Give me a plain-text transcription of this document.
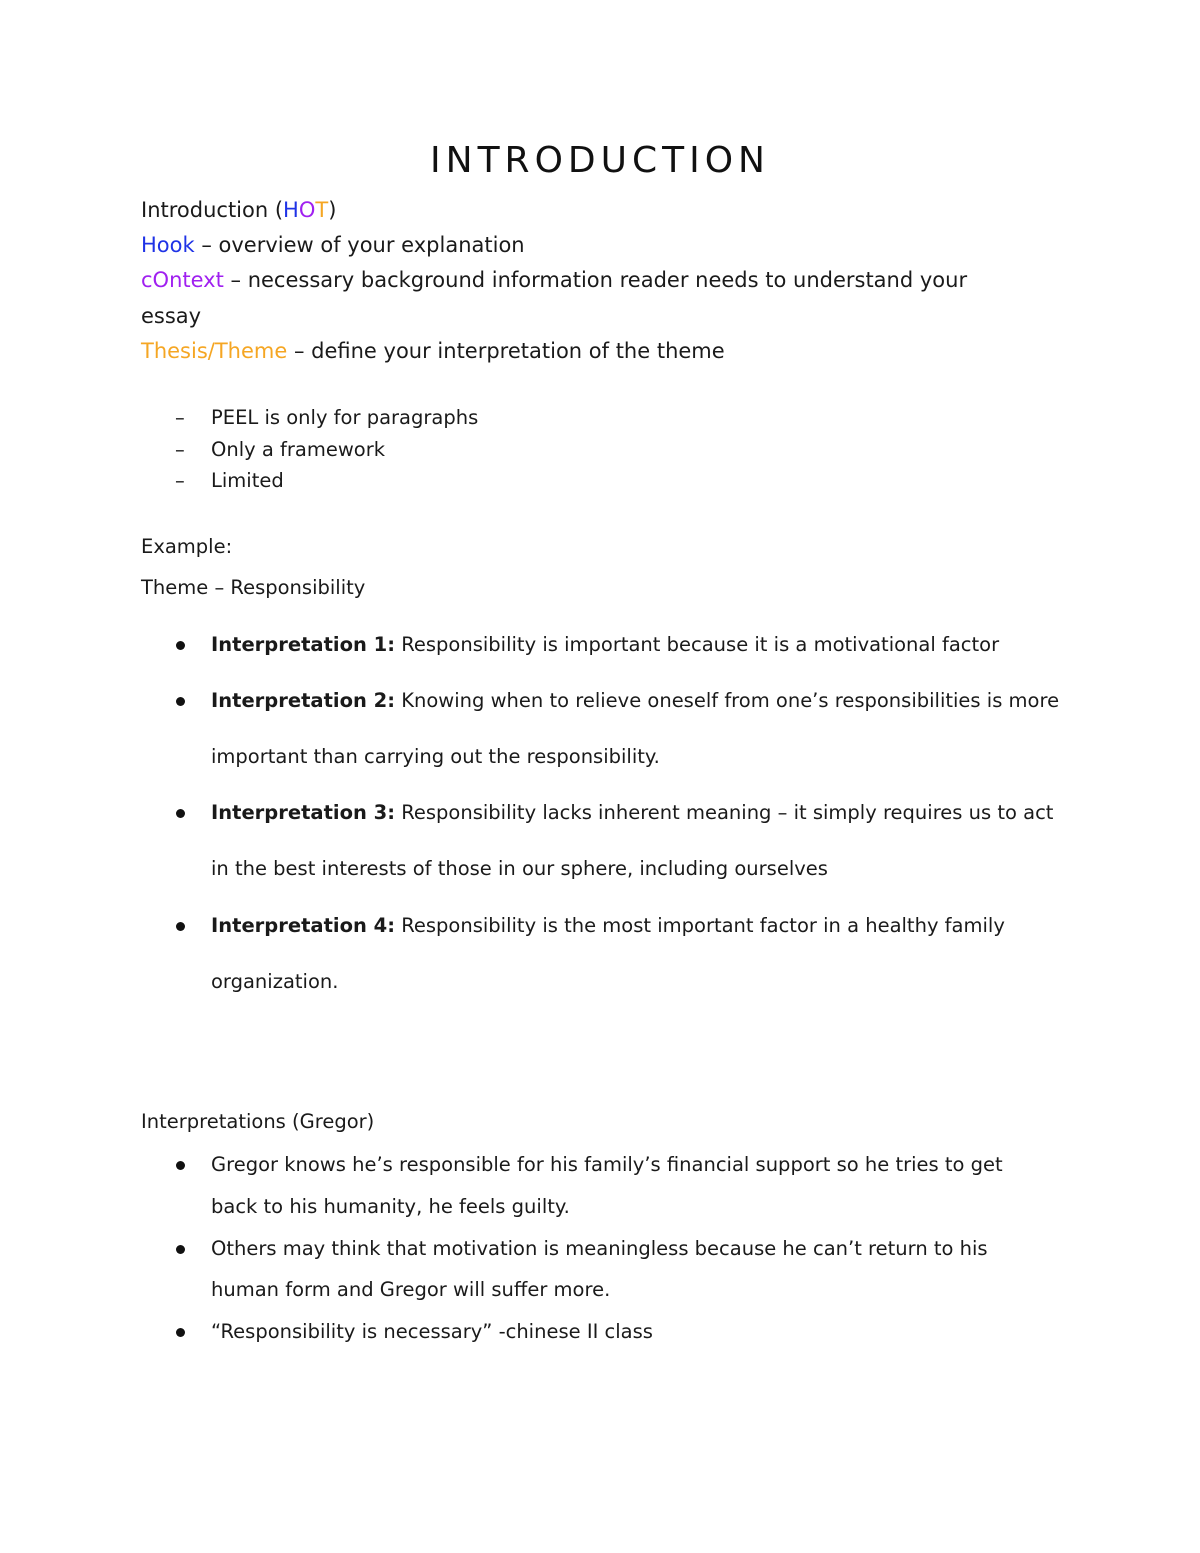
INTRODUCTION
Introduction (HOT)
Hook – overview of your explanation
cOntext – necessary background information reader needs to understand your
essay
Thesis/Theme – define your interpretation of the theme
– PEEL is only for paragraphs
– Only a framework
– Limited
Example:
Theme – Responsibility
Interpretation 1: Responsibility is important because it is a motivational factor
Interpretation 2: Knowing when to relieve oneself from one’s responsibilities is more
important than carrying out the responsibility.
Interpretation 3: Responsibility lacks inherent meaning – it simply requires us to act
in the best interests of those in our sphere, including ourselves
Interpretation 4: Responsibility is the most important factor in a healthy family
organization.
Interpretations (Gregor)
Gregor knows he’s responsible for his family’s financial support so he tries to get
back to his humanity, he feels guilty.
Others may think that motivation is meaningless because he can’t return to his
human form and Gregor will suffer more.
“Responsibility is necessary” -chinese II class
